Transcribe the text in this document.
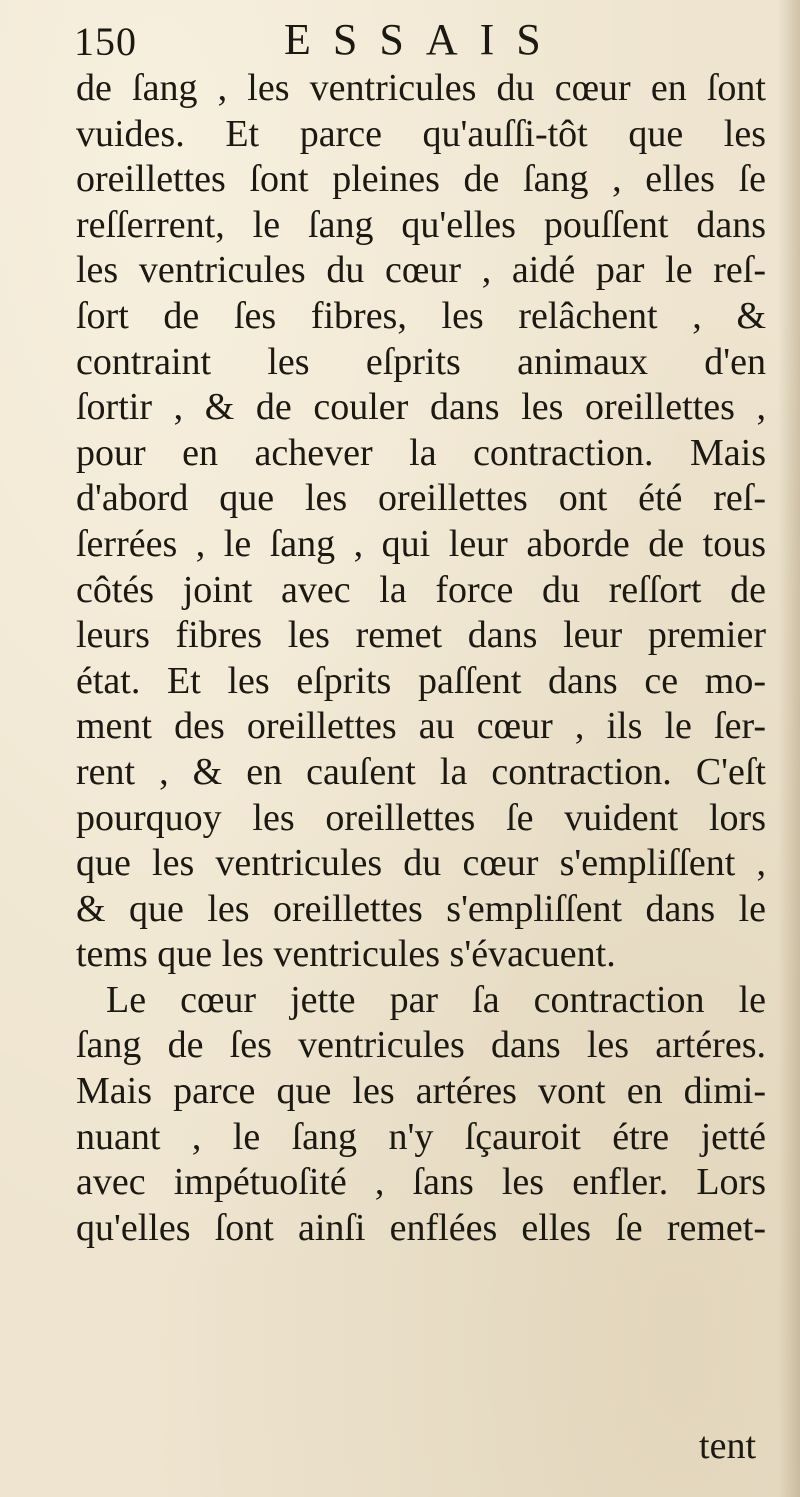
150	ESSAIS
de ſang , les ventricules du cœur en ſont
vuides. Et parce qu'auſſi-tôt que les
oreillettes ſont pleines de ſang , elles ſe
reſſerrent, le ſang qu'elles pouſſent dans
les ventricules du cœur , aidé par le reſ-
ſort de ſes fibres, les relâchent , &
contraint les eſprits animaux d'en
ſortir , & de couler dans les oreillettes ,
pour en achever la contraction. Mais
d'abord que les oreillettes ont été reſ-
ſerrées , le ſang , qui leur aborde de tous
côtés joint avec la force du reſſort de
leurs fibres les remet dans leur premier
état. Et les eſprits paſſent dans ce mo-
ment des oreillettes au cœur , ils le ſer-
rent , & en cauſent la contraction. C'eſt
pourquoy les oreillettes ſe vuident lors
que les ventricules du cœur s'empliſſent ,
& que les oreillettes s'empliſſent dans le
tems que les ventricules s'évacuent.
Le cœur jette par ſa contraction le
ſang de ſes ventricules dans les artéres.
Mais parce que les artéres vont en dimi-
nuant , le ſang n'y ſçauroit étre jetté
avec impétuoſité , ſans les enfler. Lors
qu'elles ſont ainſi enflées elles ſe remet-
tent
